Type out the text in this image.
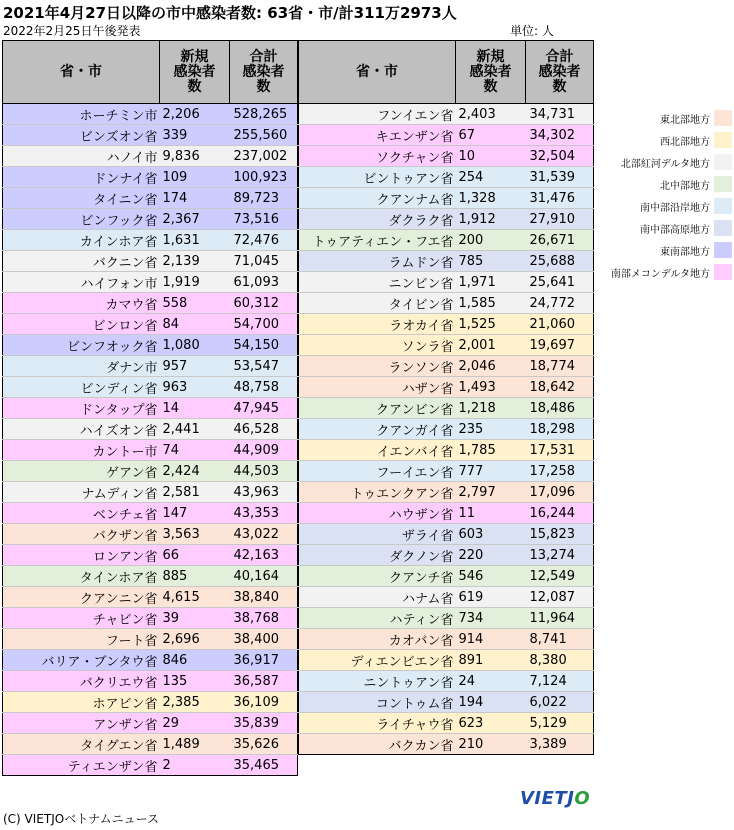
2021年4月27日以降の市中感染者数: 63省・市/計311万2973人
2022年2月25日午後発表	単位: 人
省・市	新規
感染者
数	合計
感染者
数
ホーチミン市	2,206	528,265
ビンズオン省	339	255,560
ハノイ市	9,836	237,002
ドンナイ省	109	100,923
タイニン省	174	89,723
ビンフック省	2,367	73,516
カインホア省	1,631	72,476
バクニン省	2,139	71,045
ハイフォン市	1,919	61,093
カマウ省	558	60,312
ビンロン省	84	54,700
ビンフオック省	1,080	54,150
ダナン市	957	53,547
ビンディン省	963	48,758
ドンタップ省	14	47,945
ハイズオン省	2,441	46,528
カントー市	74	44,909
ゲアン省	2,424	44,503
ナムディン省	2,581	43,963
ベンチェ省	147	43,353
バクザン省	3,563	43,022
ロンアン省	66	42,163
タインホア省	885	40,164
クアンニン省	4,615	38,840
チャビン省	39	38,768
フート省	2,696	38,400
バリア・ブンタウ省	846	36,917
バクリエウ省	135	36,587
ホアビン省	2,385	36,109
アンザン省	29	35,839
タイグエン省	1,489	35,626
ティエンザン省	2	35,465
省・市	新規
感染者
数	合計
感染者
数
フンイエン省	2,403	34,731
キエンザン省	67	34,302
ソクチャン省	10	32,504
ビントゥアン省	254	31,539
クアンナム省	1,328	31,476
ダクラク省	1,912	27,910
トゥアティエン・フエ省	200	26,671
ラムドン省	785	25,688
ニンビン省	1,971	25,641
タイビン省	1,585	24,772
ラオカイ省	1,525	21,060
ソンラ省	2,001	19,697
ランソン省	2,046	18,774
ハザン省	1,493	18,642
クアンビン省	1,218	18,486
クアンガイ省	235	18,298
イエンバイ省	1,785	17,531
フーイエン省	777	17,258
トゥエンクアン省	2,797	17,096
ハウザン省	11	16,244
ザライ省	603	15,823
ダクノン省	220	13,274
クアンチ省	546	12,549
ハナム省	619	12,087
ハティン省	734	11,964
カオバン省	914	8,741
ディエンビエン省	891	8,380
ニントゥアン省	24	7,124
コントゥム省	194	6,022
ライチャウ省	623	5,129
バクカン省	210	3,389
東北部地方
西北部地方
北部紅河デルタ地方
北中部地方
南中部沿岸地方
南中部高原地方
東南部地方
南部メコンデルタ地方
VIETJO
(C) VIETJOベトナムニュース
